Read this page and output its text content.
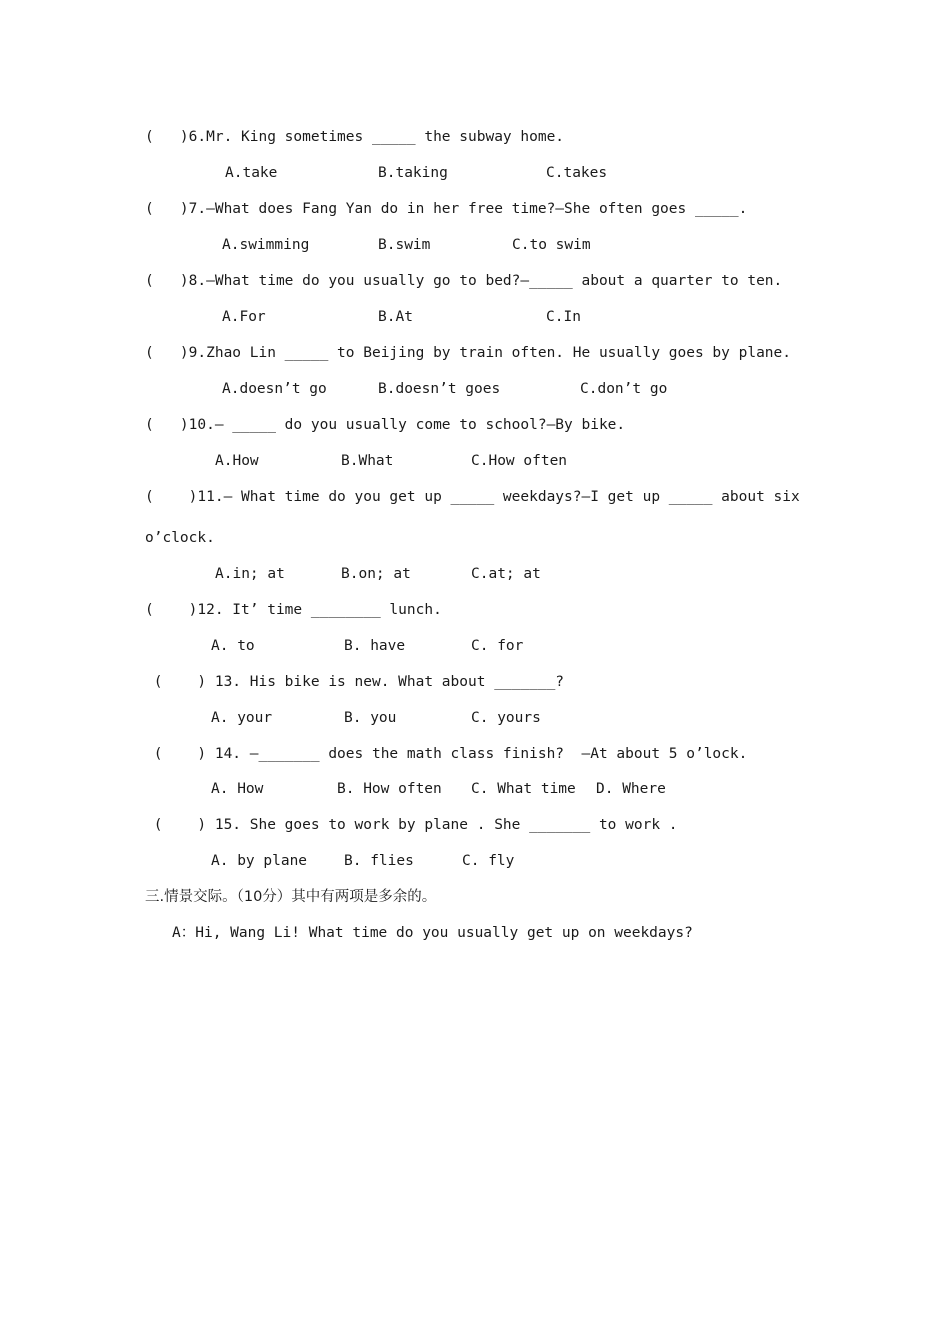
(   )6.Mr. King sometimes _____ the subway home.
A.take	B.taking	C.takes
(   )7.—What does Fang Yan do in her free time?—She often goes _____.
A.swimming	B.swim	C.to swim
(   )8.—What time do you usually go to bed?—_____ about a quarter to ten.
A.For	B.At	C.In
(   )9.Zhao Lin _____ to Beijing by train often. He usually goes by plane.
A.doesn’t go	B.doesn’t goes	C.don’t go
(   )10.— _____ do you usually come to school?—By bike.
A.How	B.What	C.How often
(    )11.— What time do you get up _____ weekdays?—I get up _____ about six
o’clock.
A.in; at	B.on; at	C.at; at
(    )12. It’ time ________ lunch.
A. to	B. have	C. for
(    ) 13. His bike is new. What about _______?
A. your	B. you	C. yours
(    ) 14. —_______ does the math class finish?  —At about 5 o’lock.
A. How	B. How often C. What time D. Where
(    ) 15. She goes to work by plane . She _______ to work .
A. by plane	B. flies	C. fly
三.情景交际。（10分）其中有两项是多余的。
A：Hi, Wang Li! What time do you usually get up on weekdays?
